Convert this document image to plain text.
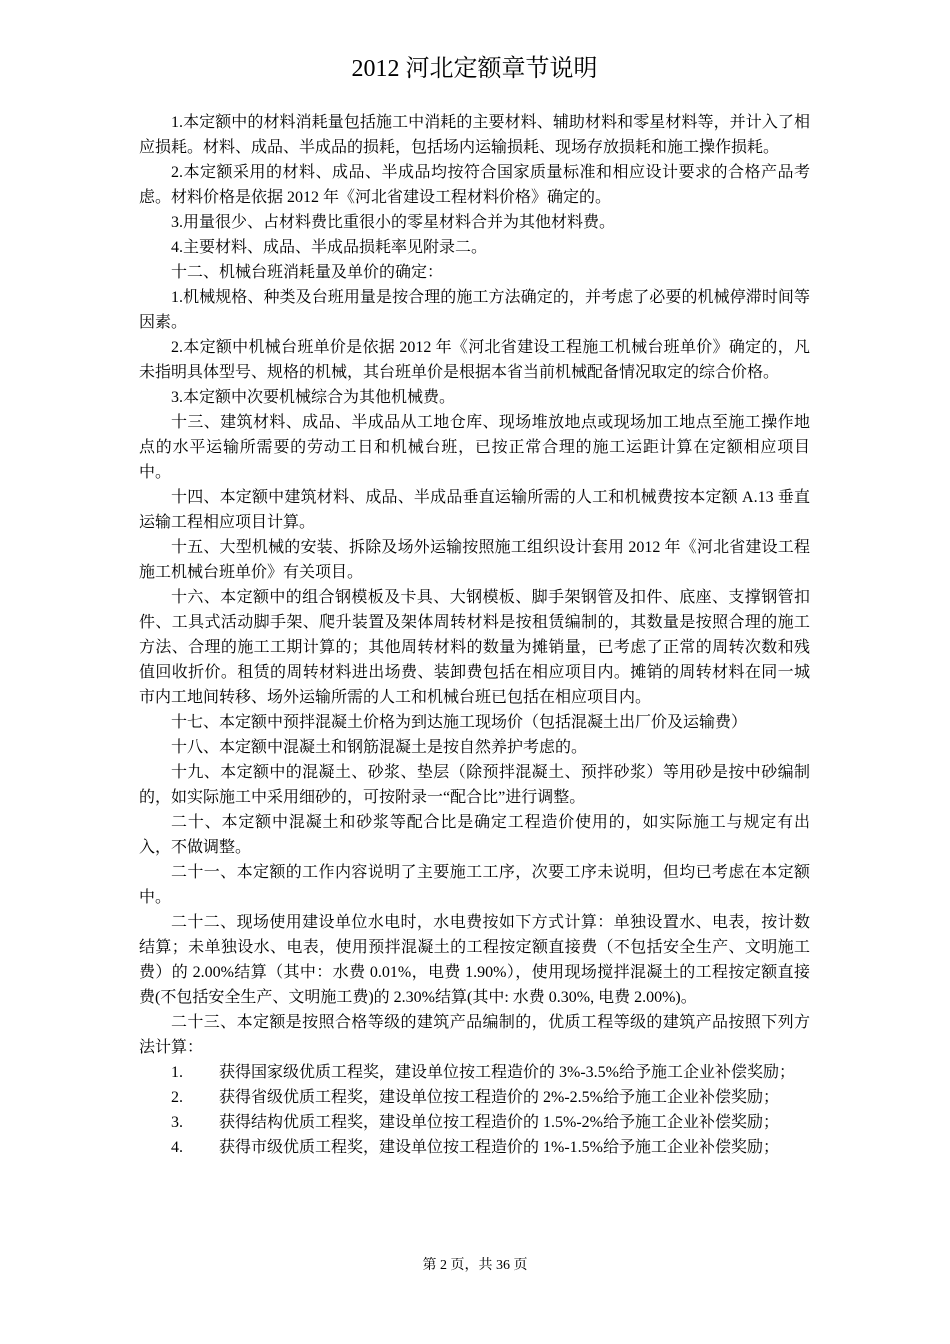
2012 河北定额章节说明

1.本定额中的材料消耗量包括施工中消耗的主要材料、辅助材料和零星材料等，并计入了相应损耗。材料、成品、半成品的损耗，包括场内运输损耗、现场存放损耗和施工操作损耗。

2.本定额采用的材料、成品、半成品均按符合国家质量标准和相应设计要求的合格产品考虑。材料价格是依据 2012 年《河北省建设工程材料价格》确定的。

3.用量很少、占材料费比重很小的零星材料合并为其他材料费。

4.主要材料、成品、半成品损耗率见附录二。

十二、机械台班消耗量及单价的确定：

1.机械规格、种类及台班用量是按合理的施工方法确定的，并考虑了必要的机械停滞时间等因素。

2.本定额中机械台班单价是依据 2012 年《河北省建设工程施工机械台班单价》确定的，凡未指明具体型号、规格的机械，其台班单价是根据本省当前机械配备情况取定的综合价格。

3.本定额中次要机械综合为其他机械费。

十三、建筑材料、成品、半成品从工地仓库、现场堆放地点或现场加工地点至施工操作地点的水平运输所需要的劳动工日和机械台班，已按正常合理的施工运距计算在定额相应项目中。

十四、本定额中建筑材料、成品、半成品垂直运输所需的人工和机械费按本定额 A.13 垂直运输工程相应项目计算。

十五、大型机械的安装、拆除及场外运输按照施工组织设计套用 2012 年《河北省建设工程施工机械台班单价》有关项目。

十六、本定额中的组合钢模板及卡具、大钢模板、脚手架钢管及扣件、底座、支撑钢管扣件、工具式活动脚手架、爬升装置及架体周转材料是按租赁编制的，其数量是按照合理的施工方法、合理的施工工期计算的；其他周转材料的数量为摊销量，已考虑了正常的周转次数和残值回收折价。租赁的周转材料进出场费、装卸费包括在相应项目内。摊销的周转材料在同一城市内工地间转移、场外运输所需的人工和机械台班已包括在相应项目内。

十七、本定额中预拌混凝土价格为到达施工现场价（包括混凝土出厂价及运输费）

十八、本定额中混凝土和钢筋混凝土是按自然养护考虑的。

十九、本定额中的混凝土、砂浆、垫层（除预拌混凝土、预拌砂浆）等用砂是按中砂编制的，如实际施工中采用细砂的，可按附录一“配合比”进行调整。

二十、本定额中混凝土和砂浆等配合比是确定工程造价使用的，如实际施工与规定有出入，不做调整。

二十一、本定额的工作内容说明了主要施工工序，次要工序未说明，但均已考虑在本定额中。

二十二、现场使用建设单位水电时，水电费按如下方式计算：单独设置水、电表，按计数结算；未单独设水、电表，使用预拌混凝土的工程按定额直接费（不包括安全生产、文明施工费）的 2.00%结算（其中：水费 0.01%，电费 1.90%），使用现场搅拌混凝土的工程按定额直接费(不包括安全生产、文明施工费)的 2.30%结算(其中: 水费 0.30%, 电费 2.00%)。

二十三、本定额是按照合格等级的建筑产品编制的，优质工程等级的建筑产品按照下列方法计算：

1.	获得国家级优质工程奖，建设单位按工程造价的 3%-3.5%给予施工企业补偿奖励；
2.	获得省级优质工程奖，建设单位按工程造价的 2%-2.5%给予施工企业补偿奖励；
3.	获得结构优质工程奖，建设单位按工程造价的 1.5%-2%给予施工企业补偿奖励；
4.	获得市级优质工程奖，建设单位按工程造价的 1%-1.5%给予施工企业补偿奖励；
第 2 页，共 36 页
